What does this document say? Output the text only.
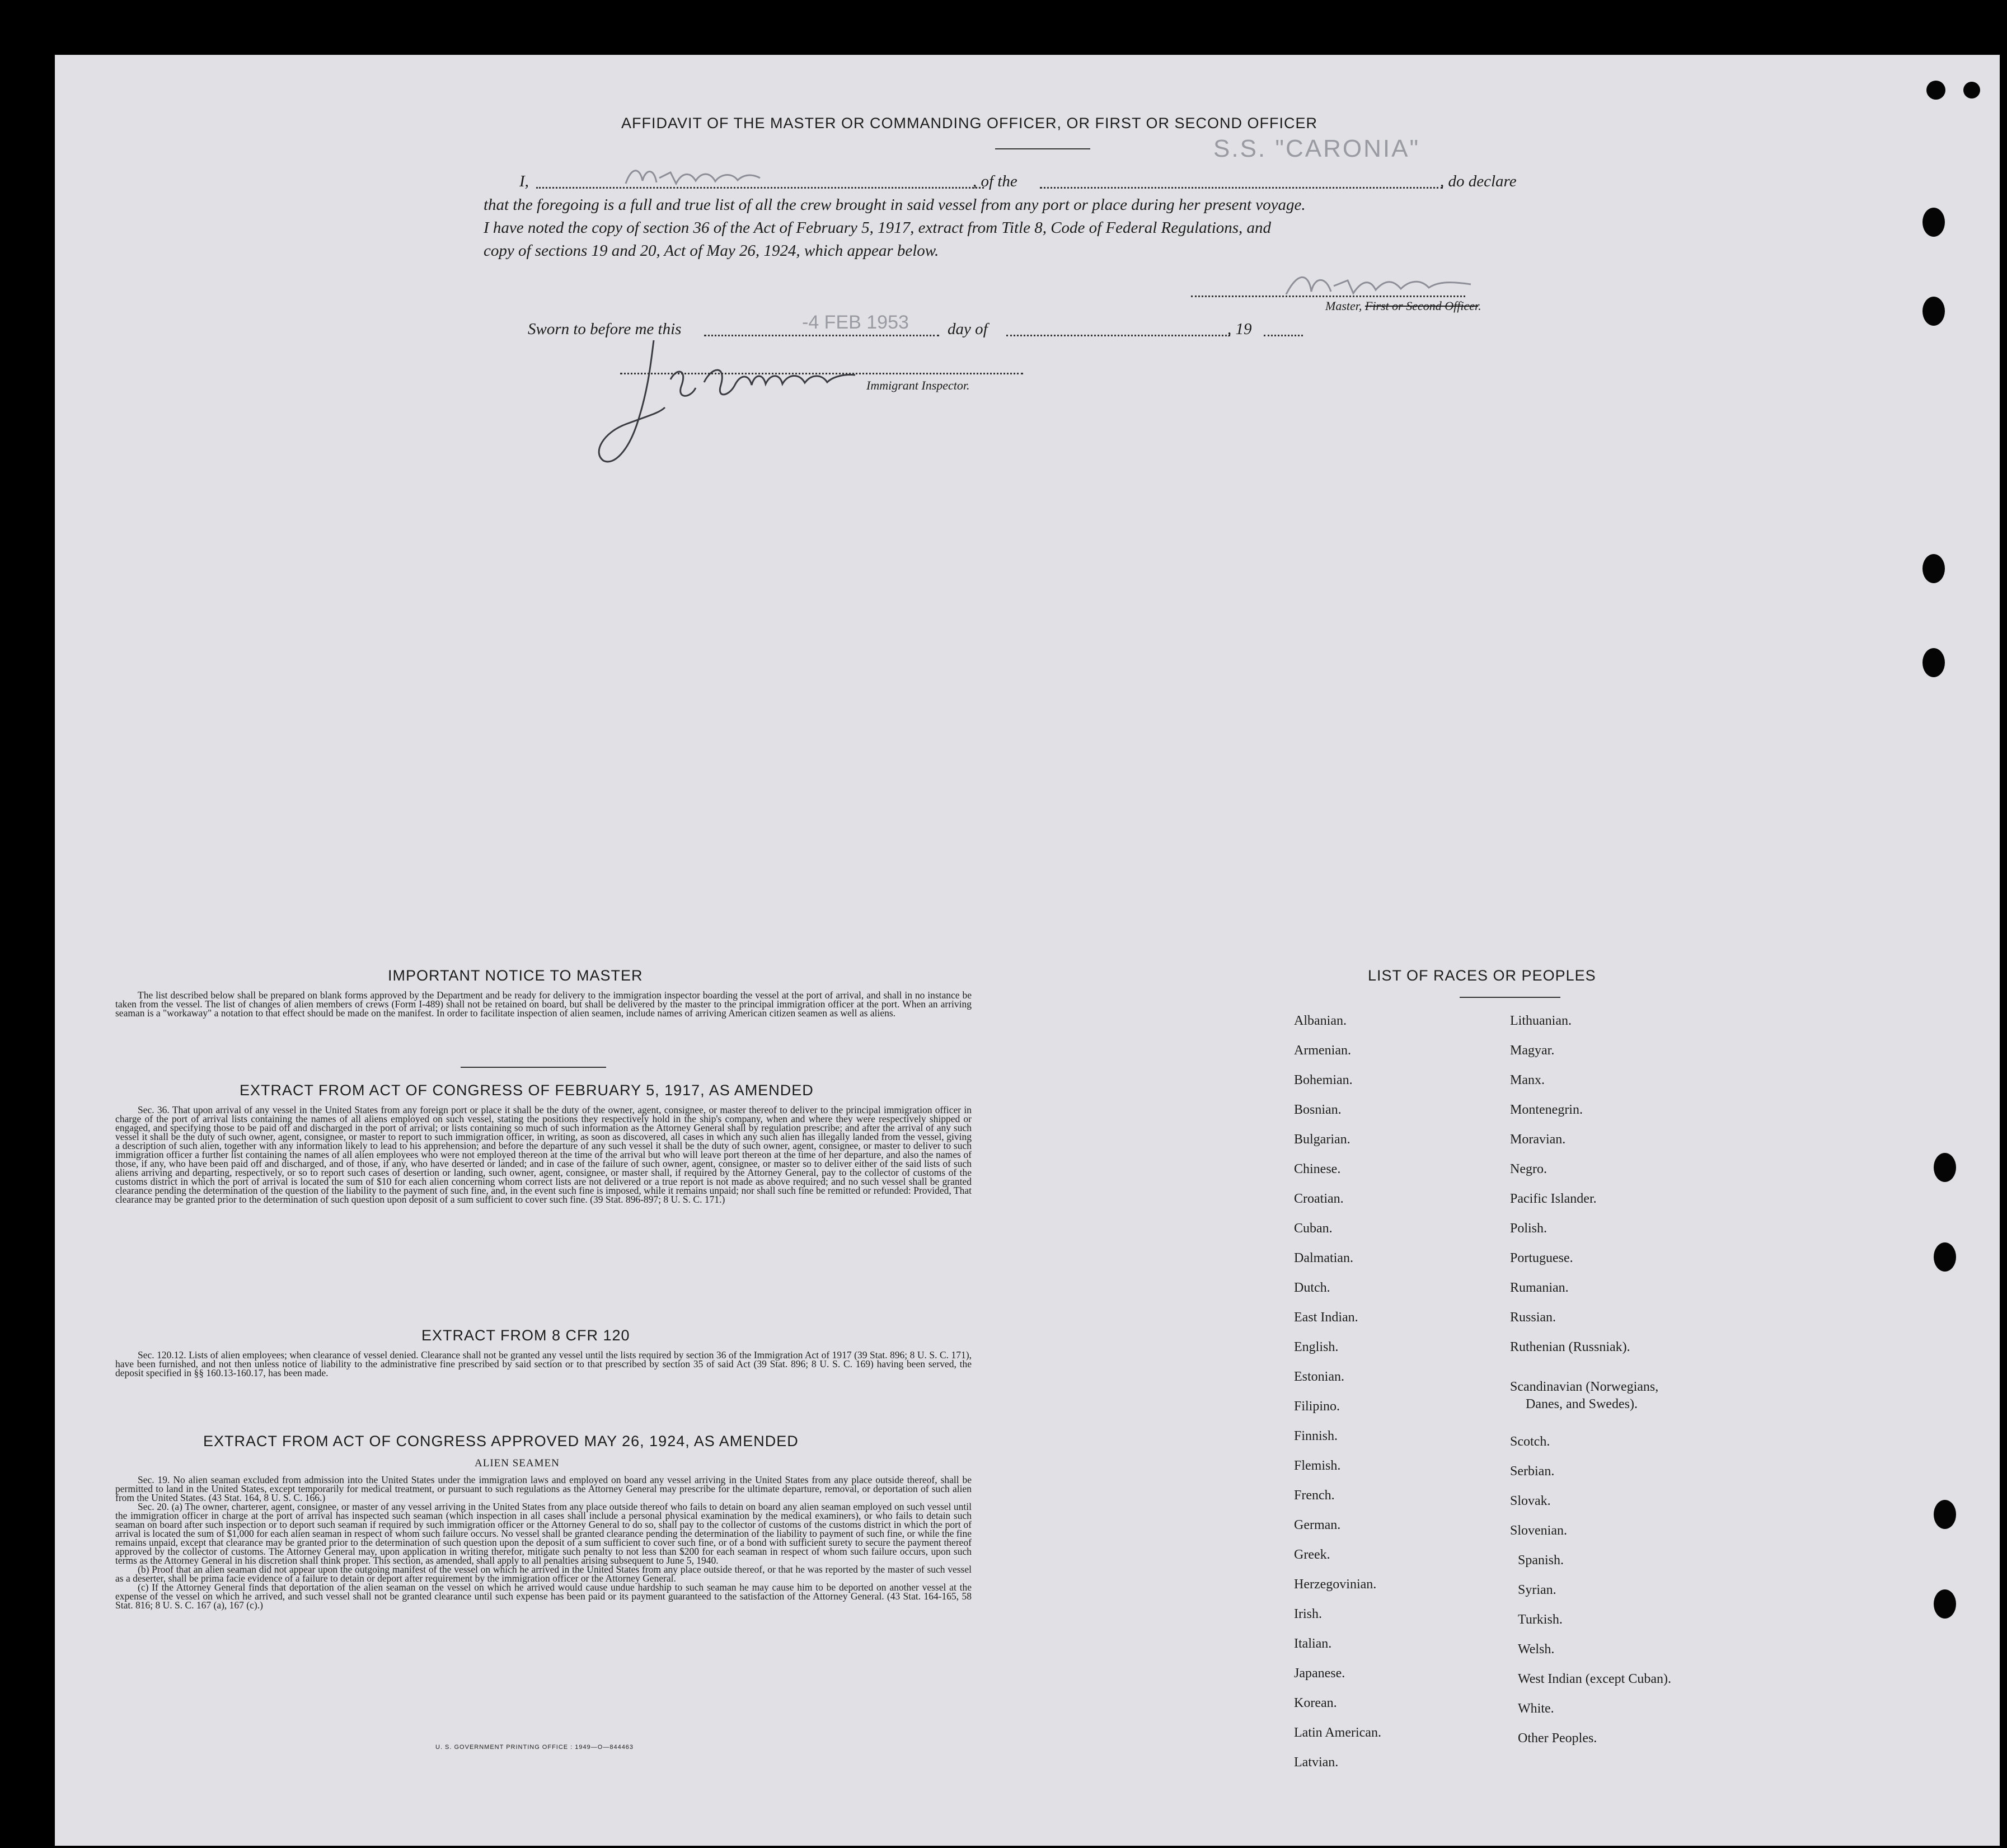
AFFIDAVIT OF THE MASTER OR COMMANDING OFFICER, OR FIRST OR SECOND OFFICER
S.S. "CARONIA"
I,	, of the	, do declare
that the foregoing is a full and true list of all the crew brought in said vessel from any port or place during her present voyage.
I have noted the copy of section 36 of the Act of February 5, 1917, extract from Title 8, Code of Federal Regulations, and
copy of sections 19 and 20, Act of May 26, 1924, which appear below.
Master, First or Second Officer.
Sworn to before me this	-4 FEB 1953 day of	, 19
Immigrant Inspector.
IMPORTANT NOTICE TO MASTER

The list described below shall be prepared on blank forms approved by the Department and be ready for delivery to the immigration inspector boarding the vessel at the port of arrival, and shall in no instance be taken from the vessel. The list of changes of alien members of crews (Form I-489) shall not be retained on board, but shall be delivered by the master to the principal immigration officer at the port. When an arriving seaman is a "workaway" a notation to that effect should be made on the manifest. In order to facilitate inspection of alien seamen, include names of arriving American citizen seamen as well as aliens.

EXTRACT FROM ACT OF CONGRESS OF FEBRUARY 5, 1917, AS AMENDED

Sec. 36. That upon arrival of any vessel in the United States from any foreign port or place it shall be the duty of the owner, agent, consignee, or master thereof to deliver to the principal immigration officer in charge of the port of arrival lists containing the names of all aliens employed on such vessel, stating the positions they respectively hold in the ship's company, when and where they were respectively shipped or engaged, and specifying those to be paid off and discharged in the port of arrival; or lists containing so much of such information as the Attorney General shall by regulation prescribe; and after the arrival of any such vessel it shall be the duty of such owner, agent, consignee, or master to report to such immigration officer, in writing, as soon as discovered, all cases in which any such alien has illegally landed from the vessel, giving a description of such alien, together with any information likely to lead to his apprehension; and before the departure of any such vessel it shall be the duty of such owner, agent, consignee, or master to deliver to such immigration officer a further list containing the names of all alien employees who were not employed thereon at the time of the arrival but who will leave port thereon at the time of her departure, and also the names of those, if any, who have been paid off and discharged, and of those, if any, who have deserted or landed; and in case of the failure of such owner, agent, consignee, or master so to deliver either of the said lists of such aliens arriving and departing, respectively, or so to report such cases of desertion or landing, such owner, agent, consignee, or master shall, if required by the Attorney General, pay to the collector of customs of the customs district in which the port of arrival is located the sum of $10 for each alien concerning whom correct lists are not delivered or a true report is not made as above required; and no such vessel shall be granted clearance pending the determination of the question of the liability to the payment of such fine, and, in the event such fine is imposed, while it remains unpaid; nor shall such fine be remitted or refunded: Provided, That clearance may be granted prior to the determination of such question upon deposit of a sum sufficient to cover such fine. (39 Stat. 896-897; 8 U. S. C. 171.)

EXTRACT FROM 8 CFR 120

Sec. 120.12. Lists of alien employees; when clearance of vessel denied. Clearance shall not be granted any vessel until the lists required by section 36 of the Immigration Act of 1917 (39 Stat. 896; 8 U. S. C. 171), have been furnished, and not then unless notice of liability to the administrative fine prescribed by said section or to that prescribed by section 35 of said Act (39 Stat. 896; 8 U. S. C. 169) having been served, the deposit specified in §§ 160.13-160.17, has been made.

EXTRACT FROM ACT OF CONGRESS APPROVED MAY 26, 1924, AS AMENDED
ALIEN SEAMEN

Sec. 19. No alien seaman excluded from admission into the United States under the immigration laws and employed on board any vessel arriving in the United States from any place outside thereof, shall be permitted to land in the United States, except temporarily for medical treatment, or pursuant to such regulations as the Attorney General may prescribe for the ultimate departure, removal, or deportation of such alien from the United States. (43 Stat. 164, 8 U. S. C. 166.)

Sec. 20. (a) The owner, charterer, agent, consignee, or master of any vessel arriving in the United States from any place outside thereof who fails to detain on board any alien seaman employed on such vessel until the immigration officer in charge at the port of arrival has inspected such seaman (which inspection in all cases shall include a personal physical examination by the medical examiners), or who fails to detain such seaman on board after such inspection or to deport such seaman if required by such immigration officer or the Attorney General to do so, shall pay to the collector of customs of the customs district in which the port of arrival is located the sum of $1,000 for each alien seaman in respect of whom such failure occurs. No vessel shall be granted clearance pending the determination of the liability to payment of such fine, or while the fine remains unpaid, except that clearance may be granted prior to the determination of such question upon the deposit of a sum sufficient to cover such fine, or of a bond with sufficient surety to secure the payment thereof approved by the collector of customs. The Attorney General may, upon application in writing therefor, mitigate such penalty to not less than $200 for each seaman in respect of whom such failure occurs, upon such terms as the Attorney General in his discretion shall think proper. This section, as amended, shall apply to all penalties arising subsequent to June 5, 1940.

(b) Proof that an alien seaman did not appear upon the outgoing manifest of the vessel on which he arrived in the United States from any place outside thereof, or that he was reported by the master of such vessel as a deserter, shall be prima facie evidence of a failure to detain or deport after requirement by the immigration officer or the Attorney General.

(c) If the Attorney General finds that deportation of the alien seaman on the vessel on which he arrived would cause undue hardship to such seaman he may cause him to be deported on another vessel at the expense of the vessel on which he arrived, and such vessel shall not be granted clearance until such expense has been paid or its payment guaranteed to the satisfaction of the Attorney General. (43 Stat. 164-165, 58 Stat. 816; 8 U. S. C. 167 (a), 167 (c).)

U. S. GOVERNMENT PRINTING OFFICE : 1949—O—844463
LIST OF RACES OR PEOPLES
Albanian.
Armenian.
Bohemian.
Bosnian.
Bulgarian.
Chinese.
Croatian.
Cuban.
Dalmatian.
Dutch.
East Indian.
English.
Estonian.
Filipino.
Finnish.
Flemish.
French.
German.
Greek.
Herzegovinian.
Irish.
Italian.
Japanese.
Korean.
Latin American.
Latvian.
Lithuanian.
Magyar.
Manx.
Montenegrin.
Moravian.
Negro.
Pacific Islander.
Polish.
Portuguese.
Rumanian.
Russian.
Ruthenian (Russniak).
Scandinavian (Norwegians,
Danes, and Swedes).
Scotch.
Serbian.
Slovak.
Slovenian.
Spanish.
Syrian.
Turkish.
Welsh.
West Indian (except Cuban).
White.
Other Peoples.
